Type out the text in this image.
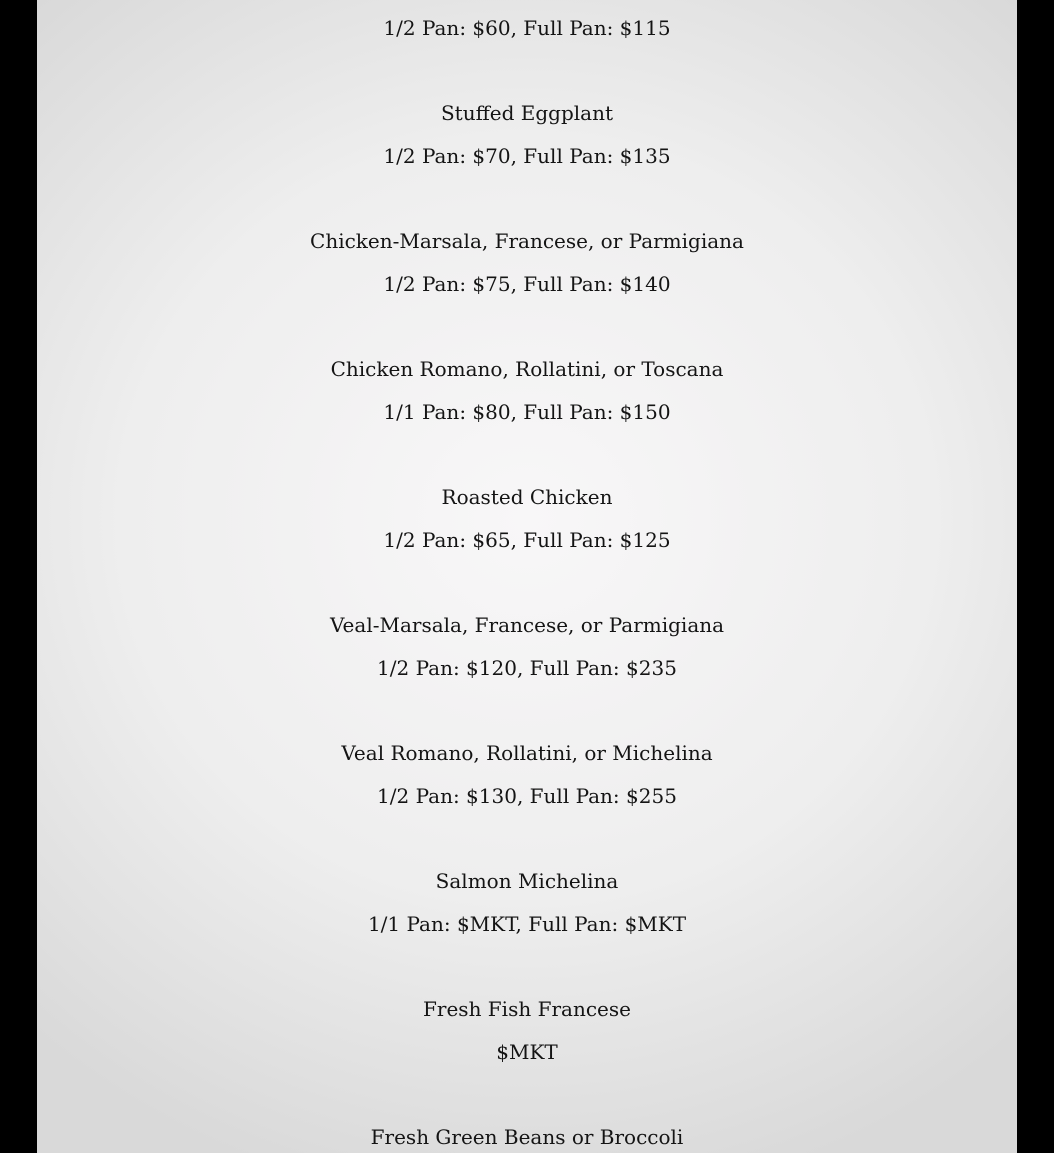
1/2 Pan: $60, Full Pan: $115
Stuffed Eggplant
1/2 Pan: $70, Full Pan: $135
Chicken-Marsala, Francese, or Parmigiana
1/2 Pan: $75, Full Pan: $140
Chicken Romano, Rollatini, or Toscana
1/1 Pan: $80, Full Pan: $150
Roasted Chicken
1/2 Pan: $65, Full Pan: $125
Veal-Marsala, Francese, or Parmigiana
1/2 Pan: $120, Full Pan: $235
Veal Romano, Rollatini, or Michelina
1/2 Pan: $130, Full Pan: $255
Salmon Michelina
1/1 Pan: $MKT, Full Pan: $MKT
Fresh Fish Francese
$MKT
Fresh Green Beans or Broccoli
